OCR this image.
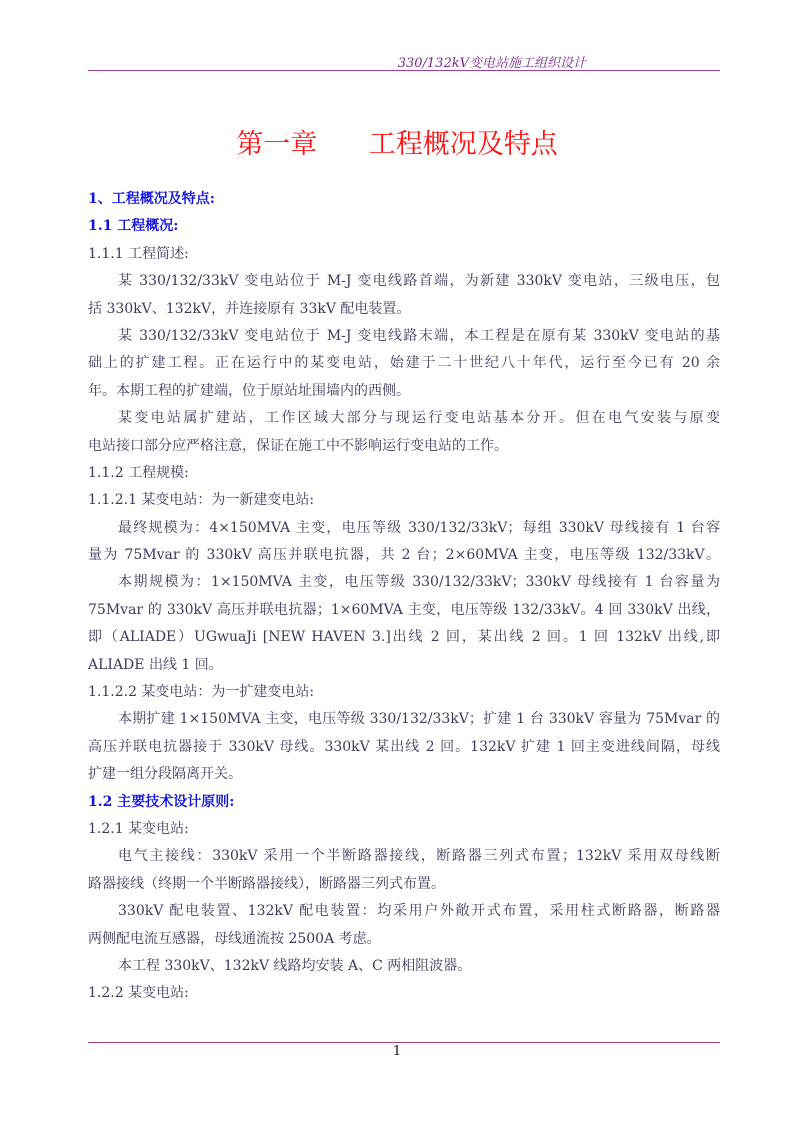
330/132kV变电站施工组织设计
第一章      工程概况及特点
1、工程概况及特点:
1.1 工程概况:
1.1.1 工程简述:
某 330/132/33kV 变电站位于 M-J 变电线路首端，为新建 330kV 变电站，三级电压，包
括 330kV、132kV，并连接原有 33kV 配电装置。
某 330/132/33kV 变电站位于 M-J 变电线路末端，本工程是在原有某 330kV 变电站的基
础上的扩建工程。正在运行中的某变电站，始建于二十世纪八十年代，运行至今已有 20 余
年。本期工程的扩建端，位于原站址围墙内的西侧。
某变电站属扩建站，工作区域大部分与现运行变电站基本分开。但在电气安装与原变
电站接口部分应严格注意，保证在施工中不影响运行变电站的工作。
1.1.2 工程规模:
1.1.2.1 某变电站：为一新建变电站:
最终规模为：4×150MVA 主变，电压等级 330/132/33kV；每组 330kV 母线接有 1 台容
量为 75Mvar 的 330kV 高压并联电抗器，共 2 台；2×60MVA 主变，电压等级 132/33kV。
本期规模为：1×150MVA 主变，电压等级 330/132/33kV；330kV 母线接有 1 台容量为
75Mvar 的 330kV 高压并联电抗器；1×60MVA 主变，电压等级 132/33kV。4 回 330kV 出线，
即（ALIADE）UGwuaJi [NEW HAVEN 3.]出线 2 回，某出线 2 回。1 回 132kV 出线,即
ALIADE 出线 1 回。
1.1.2.2 某变电站：为一扩建变电站:
本期扩建 1×150MVA 主变，电压等级 330/132/33kV；扩建 1 台 330kV 容量为 75Mvar 的
高压并联电抗器接于 330kV 母线。330kV 某出线 2 回。132kV 扩建 1 回主变进线间隔，母线
扩建一组分段隔离开关。
1.2 主要技术设计原则:
1.2.1 某变电站:
电气主接线：330kV 采用一个半断路器接线，断路器三列式布置；132kV 采用双母线断
路器接线（终期一个半断路器接线），断路器三列式布置。
330kV 配电装置、132kV 配电装置：均采用户外敞开式布置，采用柱式断路器，断路器
两侧配电流互感器，母线通流按 2500A 考虑。
本工程 330kV、132kV 线路均安装 A、C 两相阻波器。
1.2.2 某变电站:
1
